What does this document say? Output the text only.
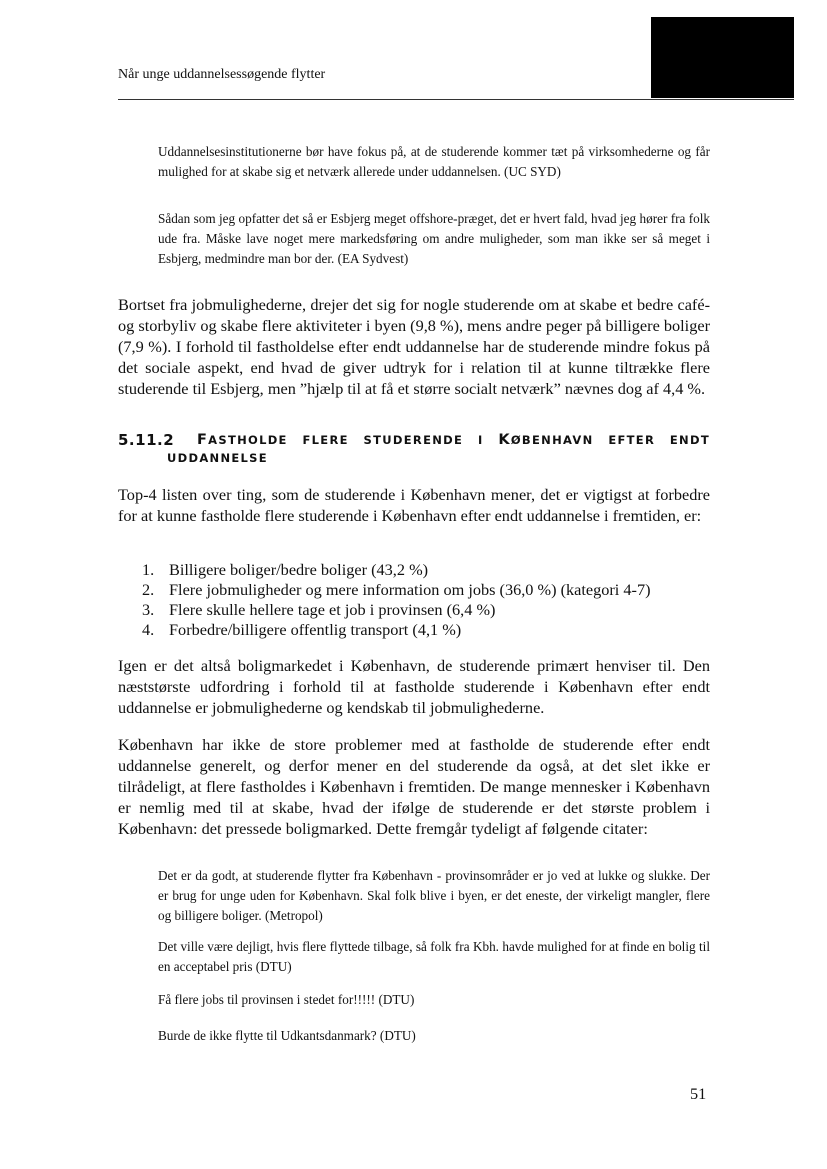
Når unge uddannelsessøgende flytter
Uddannelsesinstitutionerne bør have fokus på, at de studerende kommer tæt på virksomhederne og får mulighed for at skabe sig et netværk allerede under uddannelsen. (UC SYD)
Sådan som jeg opfatter det så er Esbjerg meget offshore-præget, det er hvert fald, hvad jeg hører fra folk ude fra. Måske lave noget mere markedsføring om andre muligheder, som man ikke ser så meget i Esbjerg, medmindre man bor der. (EA Sydvest)
Bortset fra jobmulighederne, drejer det sig for nogle studerende om at skabe et bedre café- og storbyliv og skabe flere aktiviteter i byen (9,8 %), mens andre peger på billigere boliger (7,9 %). I forhold til fastholdelse efter endt uddannelse har de studerende mindre fokus på det sociale aspekt, end hvad de giver udtryk for i relation til at kunne tiltrække flere studerende til Esbjerg, men ”hjælp til at få et større socialt netværk” nævnes dog af 4,4 %.
5.11.2 FASTHOLDE FLERE STUDERENDE I KØBENHAVN EFTER ENDT
UDDANNELSE
Top-4 listen over ting, som de studerende i København mener, det er vigtigst at forbedre for at kunne fastholde flere studerende i København efter endt uddannelse i fremtiden, er:
1. Billigere boliger/bedre boliger (43,2 %)
2. Flere jobmuligheder og mere information om jobs (36,0 %) (kategori 4-7)
3. Flere skulle hellere tage et job i provinsen (6,4 %)
4. Forbedre/billigere offentlig transport (4,1 %)
Igen er det altså boligmarkedet i København, de studerende primært henviser til. Den næststørste udfordring i forhold til at fastholde studerende i København efter endt uddannelse er jobmulighederne og kendskab til jobmulighederne.
København har ikke de store problemer med at fastholde de studerende efter endt uddannelse generelt, og derfor mener en del studerende da også, at det slet ikke er tilrådeligt, at flere fastholdes i København i fremtiden. De mange mennesker i København er nemlig med til at skabe, hvad der ifølge de studerende er det største problem i København: det pressede boligmarked. Dette fremgår tydeligt af følgende citater:
Det er da godt, at studerende flytter fra København - provinsområder er jo ved at lukke og slukke. Der er brug for unge uden for København. Skal folk blive i byen, er det eneste, der virkeligt mangler, flere og billigere boliger. (Metropol)
Det ville være dejligt, hvis flere flyttede tilbage, så folk fra Kbh. havde mulighed for at finde en bolig til en acceptabel pris (DTU)
Få flere jobs til provinsen i stedet for!!!!! (DTU)
Burde de ikke flytte til Udkantsdanmark? (DTU)
51
